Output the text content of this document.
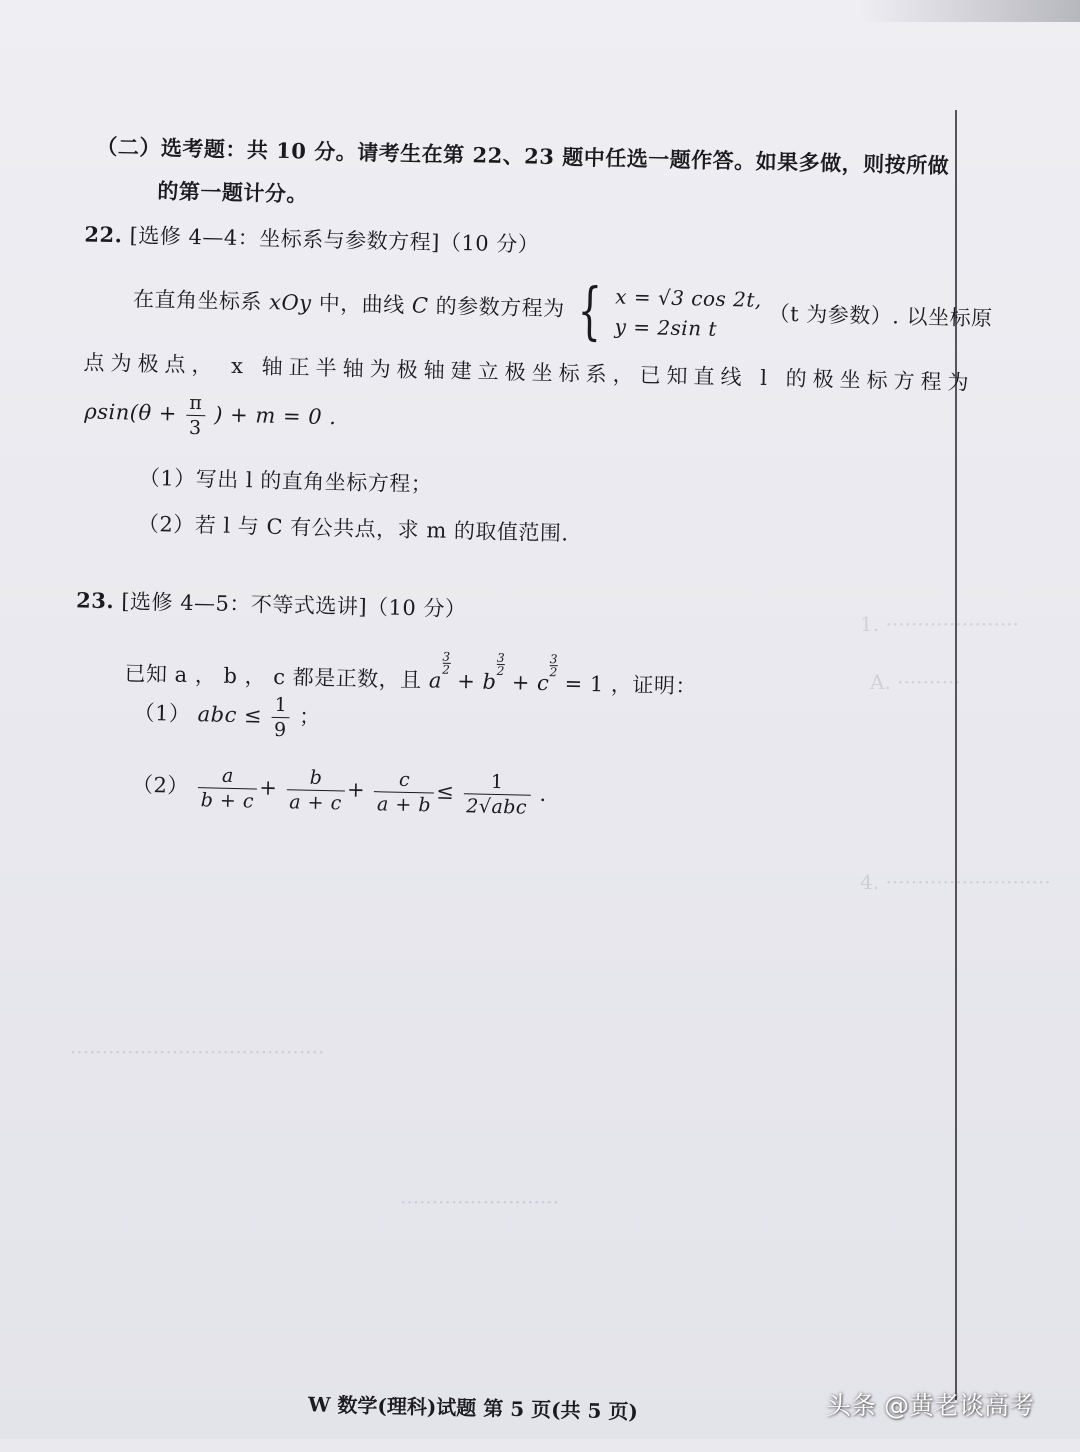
1. ·····················
A. ··········
4. ··························
········································
·························
（二）选考题：共 10 分。请考生在第 22、23 题中任选一题作答。如果多做，则按所做
的第一题计分。
22. [选修 4—4：坐标系与参数方程]（10 分）
在直角坐标系 xOy 中，曲线 C 的参数方程为 { x = √3 cos 2t,
y = 2sin t	（t 为参数）. 以坐标原
点为极点， x 轴正半轴为极轴建立极坐标系，已知直线 l 的极坐标方程为
$\rho\sin(\theta + \frac{\pi}{3}$ ) + m = 0 .
（1）写出 l 的直角坐标方程；
（2）若 l 与 C 有公共点，求 m 的取值范围.
23. [选修 4—5：不等式选讲]（10 分）
已知 a ， b ， c 都是正数，且 a
$\frac{3}{2} + b$
$\frac{3}{2} + c$
$\frac{3}{2} = 1$ ，证明：
（1） abc ≤ $\frac{1}{9}$ ；
$(2) \frac{a}{b + c} + \frac{b}{a + c} + \frac{c}{a + b} \le \frac{1}{\text{2√abc}}$ .
W 数学(理科)试题 第 5 页(共 5 页)	头条 @黄老谈高考
